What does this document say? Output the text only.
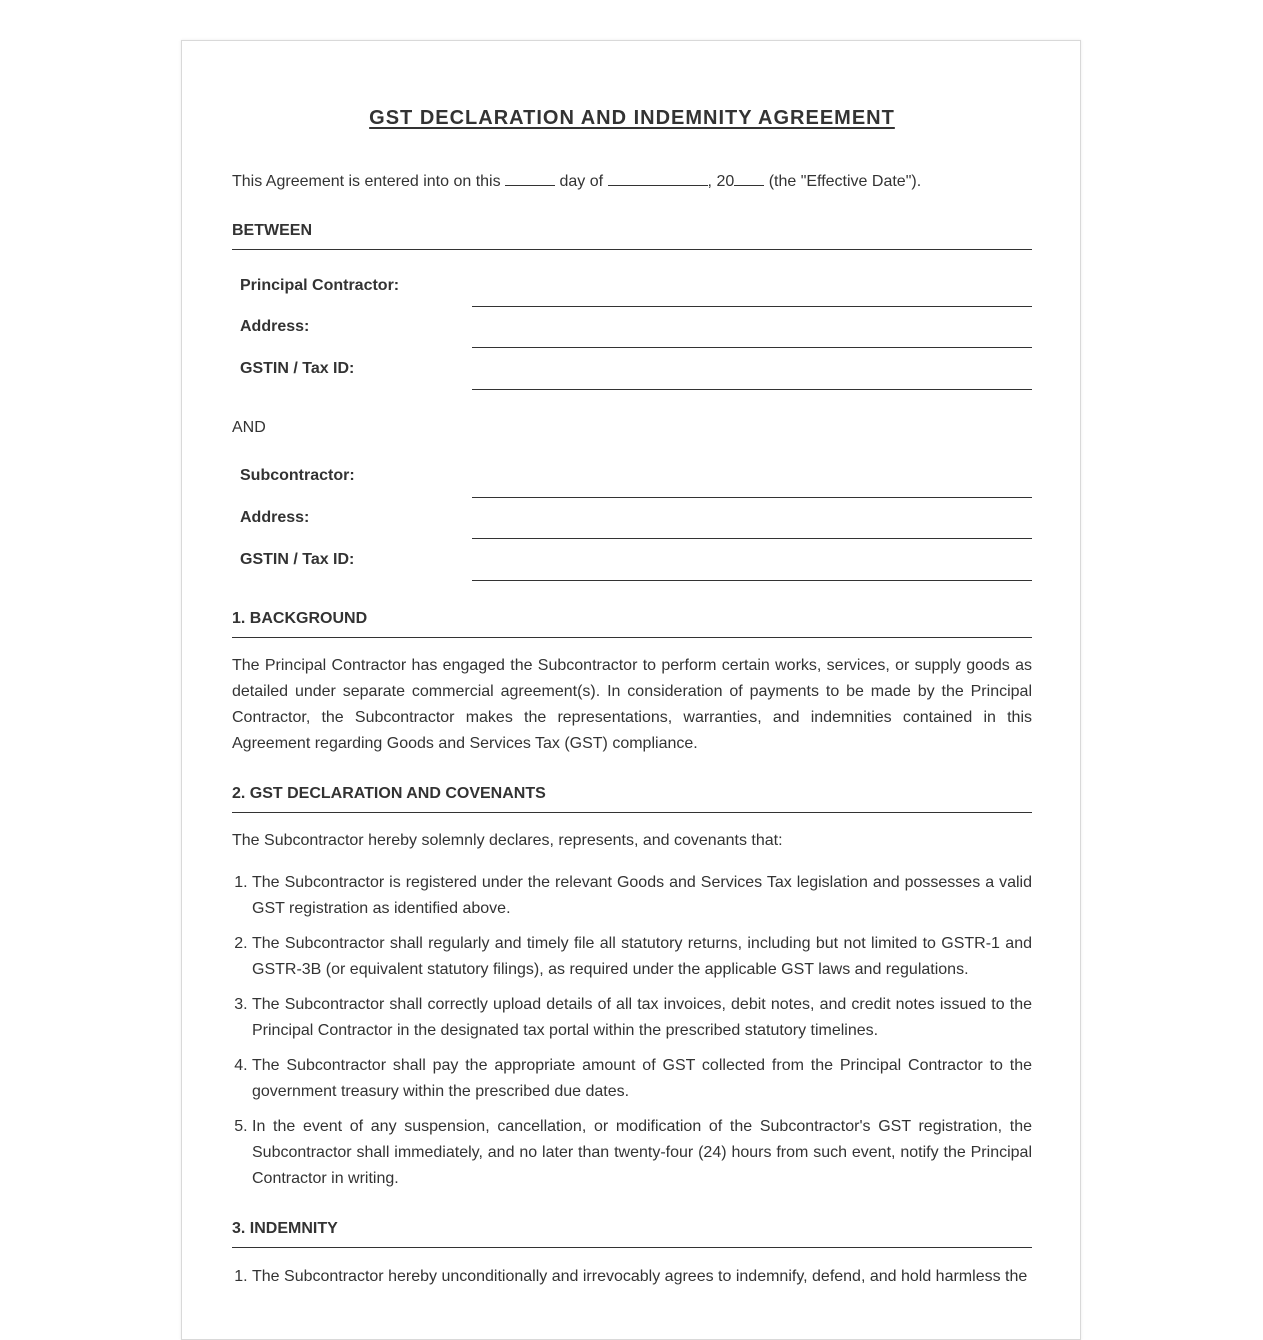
GST DECLARATION AND INDEMNITY AGREEMENT
This Agreement is entered into on this	day of	, 20 (the "Effective Date").
BETWEEN
Principal Contractor:
Address:
GSTIN / Tax ID:
AND
Subcontractor:
Address:
GSTIN / Tax ID:
1. BACKGROUND

The Principal Contractor has engaged the Subcontractor to perform certain works, services, or supply goods as detailed under separate commercial agreement(s). In consideration of payments to be made by the Principal Contractor, the Subcontractor makes the representations, warranties, and indemnities contained in this Agreement regarding Goods and Services Tax (GST) compliance.

2. GST DECLARATION AND COVENANTS

The Subcontractor hereby solemnly declares, represents, and covenants that:

1. The Subcontractor is registered under the relevant Goods and Services Tax legislation and possesses a valid GST registration as identified above.
2. The Subcontractor shall regularly and timely file all statutory returns, including but not limited to GSTR-1 and GSTR-3B (or equivalent statutory filings), as required under the applicable GST laws and regulations.
3. The Subcontractor shall correctly upload details of all tax invoices, debit notes, and credit notes issued to the Principal Contractor in the designated tax portal within the prescribed statutory timelines.
4. The Subcontractor shall pay the appropriate amount of GST collected from the Principal Contractor to the government treasury within the prescribed due dates.
5. In the event of any suspension, cancellation, or modification of the Subcontractor's GST registration, the Subcontractor shall immediately, and no later than twenty-four (24) hours from such event, notify the Principal Contractor in writing.
3. INDEMNITY
1. The Subcontractor hereby unconditionally and irrevocably agrees to indemnify, defend, and hold harmless the
